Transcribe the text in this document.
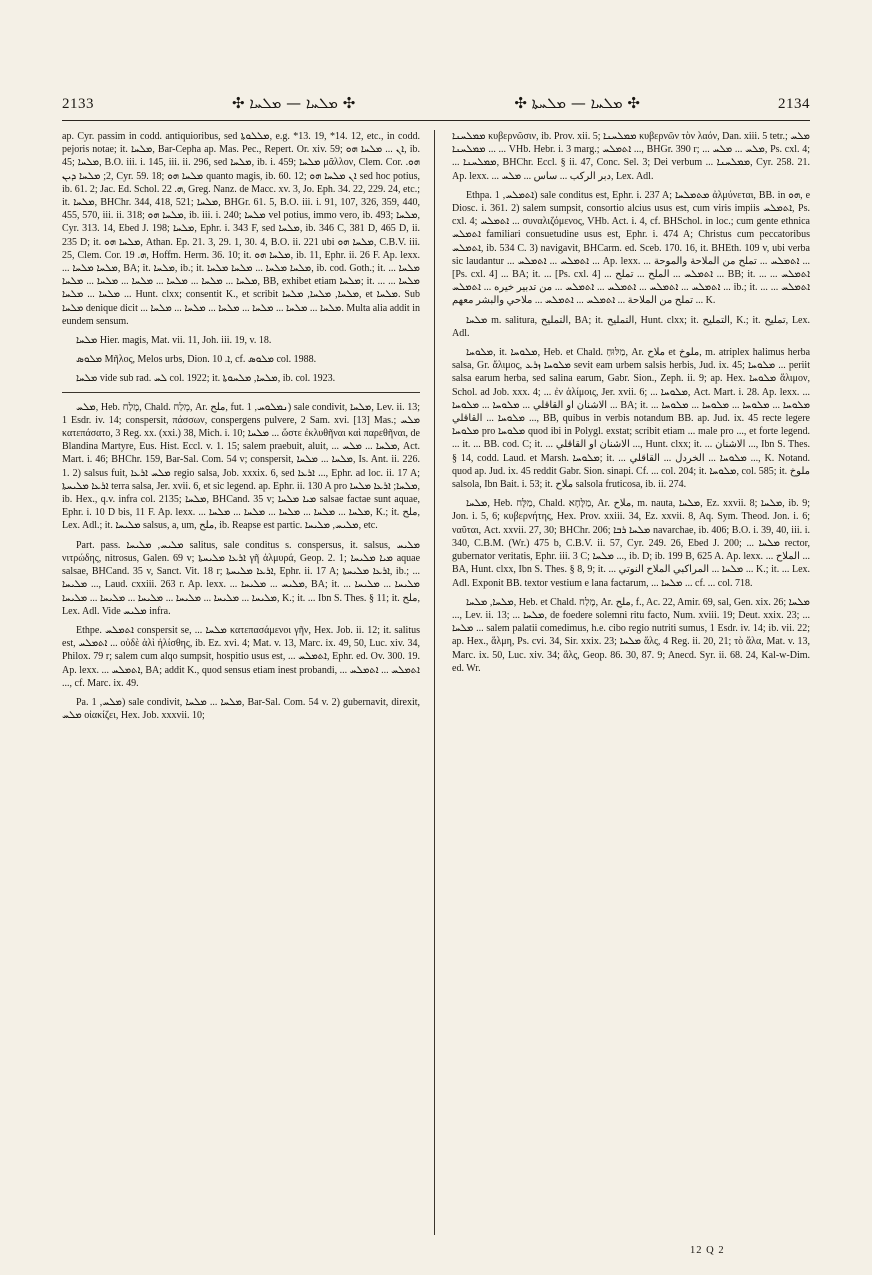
2133	✣ ܡܠܚܐ — ܡܠܚܐ ✣	✣ ܡܠܚܐ — ܡܠܚܬܐ ✣	2134

ap. Cyr. passim in codd. antiquioribus, sed ܡܠܠܘܬܐ, e.g. *13. 19, *14. 12, etc., in codd. pejoris notae; it. ܡܠܚܐ, Bar-Cepha ap. Mas. Pec., Repert. Or. xiv. 59; ܐܢ ... ܡܠܚܐ ܗܘ, ib. 45; ܡܠܚܐ, B.O. iii. i. 145, iii. ii. 296, sed ܡܠܚܐ, ib. i. 459; ܡܠܚܐ μᾶλλον, Clem. Cor. ܗܘ. 2; ܡܠܚܐ ܕܝܢ, Cyr. 59. 18; ܡܠܚܐ ܗܘ quanto magis, ib. 60. 12; ܐܢ ܡܠܚܐ ܗܘ sed hoc potius, ib. 61. 2; Jac. Ed. Schol. ܗ. 22, Greg. Nanz. de Macc. xv. 3, Jo. Eph. 34. 22, 229. 24, etc.; it. ܡܠܚܐ, BHChr. 344, 418, 521; ܡܠܚܐ, BHGr. 61. 5, B.O. iii. i. 91, 107, 326, 359, 440, 455, 570, iii. ii. 318; ܡܠܚܐ ܗܘ, ib. iii. i. 240; ܡܠܚܐ vel potius, immo vero, ib. 493; ܡܠܚܐ, Cyr. 313. 14, Ebed J. 198; ܡܠܚܐ, Ephr. i. 343 F, sed ܡܠܚܐ, ib. 346 C, 381 D, 465 D, ii. 235 D; it. ܡܠܚܐ ܗܘ, Athan. Ep. 21. 3, 29. 1, 30. 4, B.O. ii. 221 ubi ܡܠܚܐ ܗܘ, C.B.V. iii. 25, Clem. Cor. ܗ. 19, Hoffm. Herm. 36. 10; it. ܡܠܚܐ ܗܘ, ib. 11, Ephr. ii. 26 F. Ap. lexx. ... ܡܠܚܐ ܡܠܚܐ, BA; it. ܡܠܚܐ, ib.; it. ܡܠܚܐ ܡܠܚܐ ... ܡܠܚܐ ܡܠܚܐ, ib. cod. Goth.; it. ܡܠܚܐ ... ܡܠܚܐ ... ܡܠܚܐ ... ܡܠܚܐ ... ܡܠܚܐ ... ܡܠܚܐ ... ܡܠܚܐ, BB, exhibet etiam ܡܠܚܐ; it. ... ܡܠܚܐ ... ܡܠܚܐ ... ܡܠܚܐ ... Hunt. clxx; consentit K., et scribit ܡܠܚܐ, ܡܠܚܐ, ܡܠܚܐ, et ܡܠܚܐ. Sub ܡܠܚܐ denique dicit ... ܡܠܚܐ ... ܡܠܚܐ ... ܡܠܚܐ ... ܡܠܚܐ ... ܡܠܚܐ ... ܡܠܚܐ. Multa alia addit in eundem sensum.

ܡܠܚܐ Hier. magis, Mat. vii. 11, Joh. iii. 19, v. 18.

ܡܠܘܣ Μῆλος, Melos urbs, Dion. ܐ. 10, cf. ܡܠܘܣ col. 1988.

ܡܠܚܐ vide sub rad. ܠܚ col. 1922; it. ܡܠܚܐ, ܡܠܚܘܬܐ, ib. col. 1923.

ܡܠܚ, Heb. מָלַח, Chald. מְלַח, Ar. ملح, fut. ܢܡܠܘܚ, 1) sale condivit, ܡܠܚܐ, Lev. ii. 13; 1 Esdr. iv. 14; conspersit, πάσσων, conspergens pulvere, 2 Sam. xvi. [13] Mas.; ܡܠܚ κατεπάσατο, 3 Reg. xx. (xxi.) 38, Mich. i. 10; ܡܠܚܐ ... ὥστε ἐκλυθῆναι καὶ παρεθῆναι, de Blandina Martyre, Eus. Hist. Eccl. v. 1. 15; salem praebuit, aluit, ... ܡܠܚܐ ... ܡܠܚ, Act. Mart. i. 46; BHChr. 159, Bar-Sal. Com. 54 v; conspersit, ܡܠܚܐ ... ܡܠܚܐ, Is. Ant. ii. 226. 1. 2) salsus fuit, ܡܠܚ ܐܪܥܐ regio salsa, Job. xxxix. 6, sed ܐܪܥܐ ..., Ephr. ad loc. ii. 17 A; ܐܪܥܐ ܡܠܝܚܬܐ terra salsa, Jer. xvii. 6, et sic legend. ap. Ephr. ii. 130 A pro ܡܠܚܐ; ܐܪܥܐ ܡܠܚܐ, ib. Hex., q.v. infra col. 2135; ܡܠܚܐ, BHCand. 35 v; ܡܝܐ ܡܠܚܐ salsae factae sunt aquae, Ephr. i. 10 D bis, 11 F. Ap. lexx. ... ܡܠܚܐ ... ܡܠܚܐ ... ܡܠܚܐ ... ܡܠܚܐ ... ܡܠܚܐ, K.; it. ملح, Lex. Adl.; it. ܡܠܝܚܐ salsus, a, um, ملح, ib. Reapse est partic. ܡܠܝܚ, ܡܠܝܚܐ, etc.

Part. pass. ܡܠܝܚ, ܡܠܝܚܐ salitus, sale conditus s. conspersus, it. salsus, ܡܠܝܚ νιτρώδης, nitrosus, Galen. 69 v; ܐܪܥܐ ܡܠܝܚܬܐ γῆ ἁλμυρά, Geop. 2. 1; ܡܝܐ ܡܠܝܚܐ aquae salsae, BHCand. 35 v, Sanct. Vit. 18 r; ܐܪܥܐ ܡܠܝܚܬܐ, Ephr. ii. 17 A; ܐܪܥܐ ܡܠܝܚܬܐ, ib.; ... ܡܠܝܚܐ ..., Laud. cxxiii. 263 r. Ap. lexx. ... ܡܠܝܚ ... ܡܠܝܚܐ, BA; it. ܡܠܝܚܐ ... ܡܠܝܚܐ ... ܡܠܝܚܐ ... ܡܠܝܚܐ ... ܡܠܝܚܐ ... ܡܠܝܚܐ ... ܡܠܝܚܐ ... ܡܠܝܚܐ, K.; it. ... Ibn S. Thes. § 11; it. ملح, Lex. Adl. Vide ܡܠܝܚ infra.

Ethpe. ܐܬܡܠܚ conspersit se, ... ܡܠܚܐ κατεπασάμενοι γῆν, Hex. Job. ii. 12; it. salitus est, ܐܬܡܠܚ ... οὐδὲ ἁλὶ ἡλίσθης, ib. Ez. xvi. 4; Mat. v. 13, Marc. ix. 49, 50, Luc. xiv. 34, Philox. 79 r; salem cum alqo sumpsit, hospitio usus est, ... ܐܬܡܠܚ, Ephr. ed. Ov. 300. 19. Ap. lexx. ... ܐܬܡܠܚ, BA; addit K., quod sensus etiam inest probandi, ... ܐܬܡܠܚ ... ܐܬܡܠܚ ..., cf. Marc. ix. 49.

Pa. ܡܠܚ, 1) sale condivit, ܡܠܚܐ ... ܡܠܚܐ, Bar-Sal. Com. 54 v. 2) gubernavit, direxit, ܡܠܚ οἰακίζει, Hex. Job. xxxvii. 10;

ܡܡܠܚܢܐ κυβερνῶσιν, ib. Prov. xii. 5; ܡܡܠܚܢܐ κυβερνῶν τὸν λαόν, Dan. xiii. 5 tetr.; ܡܠܚ ... ܡܡܠܚܢܐ ... VHb. Hebr. i. 3 marg.; ܐܬܡܠܚ ..., BHGr. 390 r; ... ܡܠܚ ... ܡܠܚ, Ps. cxl. 4; ... ܡܡܠܚܢܐ, BHChr. Eccl. § ii. 47, Conc. Sel. 3; Dei verbum ... ܡܡܠܚܢܐ, Cyr. 258. 21. Ap. lexx. ... دبر الركب ... ساس ... ܡܠܚ, Lex. Adl.

Ethpa. ܐܬܡܠܚ, 1) sale conditus est, Ephr. i. 237 A; ܡܬܡܠܚܐ ἀλμύνεται, BB. in ܗܘ, e Diosc. i. 361. 2) salem sumpsit, consortio alcius usus est, cum viris impiis ܐܬܡܠܚ, Ps. cxl. 4; ܐܬܡܠܚ ... συναλιζόμενος, VHb. Act. i. 4, cf. BHSchol. in loc.; cum gente ethnica ܐܬܡܠܚ familiari consuetudine usus est, Ephr. i. 474 A; Christus cum peccatoribus ܐܬܡܠܚ, ib. 534 C. 3) navigavit, BHCarm. ed. Sceb. 170. 16, it. BHEth. 109 v, ubi verba sic laudantur ... ܐܬܡܠܚ ... ܐܬܡܠܚ ... Ap. lexx. ... ܐܬܡܠܚ ... تملح من الملاحة والموحة ... [Ps. cxl. 4] ... BA; it. ... [Ps. cxl. 4] ... ܐܬܡܠܚ ... الملح ... تملح ... BB; it. ... ܐܬܡܠܚ ... ܐܬܡܠܚ ... ܐܬܡܠܚ ... ܐܬܡܠܚ ... ܐܬܡܠܚ ... من تدبير خيره ... ܐܬܡܠܚ ... ib.; it. ... ܐܬܡܠܚ ... تملح من الملاحة ... ܐܬܡܠܚ ... ܐܬܡܠܚ ... ملاحي والبشر معهم ... K.

ܡܠܚܐ m. salitura, التمليح, BA; it. التمليح, Hunt. clxx; it. التمليح, K.; it. تمليح, Lex. Adl.

ܡܠܘܚܐ, it. ܡܠܘܚܐ, Heb. et Chald. מַלּוּחַ, Ar. ملاح et ملوخ, m. atriplex halimus herba salsa, Gr. ἅλιμος, ܡܠܘܚܐ ܙܪܥ sevit eam urbem salsis herbis, Jud. ix. 45; ܡܠܘܚܐ ... periit salsa earum herba, sed salina earum, Gabr. Sion., Zeph. ii. 9; ap. Hex. ܡܠܘܚܐ ἅλιμον, Schol. ad Job. xxx. 4; ... ἐν ἁλίμοις, Jer. xvii. 6; ... ܡܠܘܚܐ, Act. Mart. i. 28. Ap. lexx. ... الاشنان او القاقلي ... ܡܠܘܚܐ ... ܡܠܘܚܐ ... BA; it. ... ܡܠܘܚܐ ... ܡܠܘܚܐ ... ܡܠܘܚܐ ... ܡܠܘܚܐ ... ܡܠܘܚܐ ... القاقلي, BB, quibus in verbis notandum BB. ap. Jud. ix. 45 recte legere ܡܠܘܚܐ pro ܡܠܘܚܐ quod ibi in Polygl. exstat; scribit etiam ... male pro ..., et forte legend. ... it. ... BB. cod. C; it. ... الاشنان او القاقلي ..., Hunt. clxx; it. ... الاشنان ..., Ibn S. Thes. § 14, codd. Laud. et Marsh. ܡܠܘܚܐ; it. ... ܡܠܘܚܐ ... الخردل ... القاقلي ..., K. Notand. quod ap. Jud. ix. 45 reddit Gabr. Sion. sinapi. Cf. ... col. 204; it. ܡܠܘܚܐ, col. 585; it. ملوخ salsola, Ibn Bait. i. 53; it. ملاح salsola fruticosa, ib. ii. 274.

ܡܠܚܐ, Heb. מַלָּח, Chald. מַלָּחָא, Ar. ملاح, m. nauta, ܡܠܚܐ, Ez. xxvii. 8; ܡܠܚܐ, ib. 9; Jon. i. 5, 6; κυβερνήτης, Hex. Prov. xxiii. 34, Ez. xxvii. 8, Aq. Sym. Theod. Jon. i. 6; ναῦται, Act. xxvii. 27, 30; BHChr. 206; ܡܠܚܐ ܪܒܐ navarchae, ib. 406; B.O. i. 39, 40, iii. i. 340, C.B.M. (Wr.) 475 b, C.B.V. ii. 57, Cyr. 249. 26, Ebed J. 200; ... ܡܠܚܐ rector, gubernator veritatis, Ephr. iii. 3 C; ܡܠܚܐ ..., ib. D; ib. 199 B, 625 A. Ap. lexx. ... الملاح ... BA, Hunt. clxx, Ibn S. Thes. § 8, 9; it. ... ܡܠܚܐ ... المراكبي الملاح النوتي ... K.; it. ... Lex. Adl. Exponit BB. textor vestium e lana factarum, ... ܡܠܚܐ ... cf. ... col. 718.

ܡܠܚܐ, ܡܠܚܐ, Heb. et Chald. מֶלַח, Ar. ملح, f., Ac. 22, Amir. 69, sal, Gen. xix. 26; ܡܠܚܐ ..., Lev. ii. 13; ... ܡܠܚܐ, de foedere solemni ritu facto, Num. xviii. 19; Deut. xxix. 23; ... ܡܠܚܐ ... salem palatii comedimus, h.e. cibo regio nutriti sumus, 1 Esdr. iv. 14; ib. vii. 22; ap. Hex., ἅλμη, Ps. cvi. 34, Sir. xxix. 23; ܡܠܚܐ ἅλς, 4 Reg. ii. 20, 21; τὸ ἅλα, Mat. v. 13, Marc. ix. 50, Luc. xiv. 34; ἅλς, Geop. 86. 30, 87. 9; Anecd. Syr. ii. 68. 24, Kal-w-Dim. ed. Wr.

12 Q 2
